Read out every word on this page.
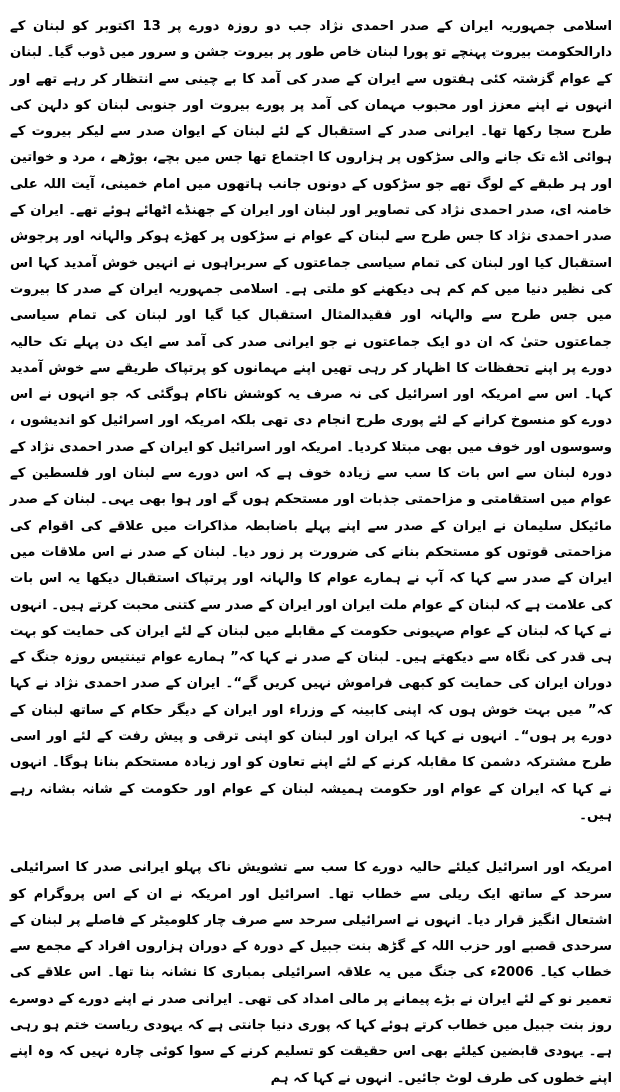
اسلامی جمہوریہ ایران کے صدر احمدی نژاد جب دو روزہ دورے پر 13 اکتوبر کو لبنان کے دارالحکومت بیروت پہنچے تو پورا لبنان خاص طور پر بیروت جشن و سرور میں ڈوب گیا۔ لبنان کے عوام گزشتہ کئی ہفتوں سے ایران کے صدر کی آمد کا بے چینی سے انتظار کر رہے تھے اور انہوں نے اپنے معزز اور محبوب مہمان کی آمد پر پورے بیروت اور جنوبی لبنان کو دلہن کی طرح سجا رکھا تھا۔ ایرانی صدر کے استقبال کے لئے لبنان کے ایوان صدر سے لیکر بیروت کے ہوائی اڈے تک جانے والی سڑکوں پر ہزاروں کا اجتماع تھا جس میں بچے، بوڑھے ، مرد و خواتین اور ہر طبقے کے لوگ تھے جو سڑکوں کے دونوں جانب ہاتھوں میں امام خمینی، آیت اللہ علی خامنہ ای، صدر احمدی نژاد کی تصاویر اور لبنان اور ایران کے جھنڈے اٹھائے ہوئے تھے۔ ایران کے صدر احمدی نژاد کا جس طرح سے لبنان کے عوام نے سڑکوں پر کھڑے ہوکر والہانہ اور پرجوش استقبال کیا اور لبنان کی تمام سیاسی جماعتوں کے سربراہوں نے انہیں خوش آمدید کہا اس کی نظیر دنیا میں کم کم ہی دیکھنے کو ملتی ہے۔ اسلامی جمہوریہ ایران کے صدر کا بیروت میں جس طرح سے والہانہ اور فقیدالمثال استقبال کیا گیا اور لبنان کی تمام سیاسی جماعتوں حتیٰ کہ ان دو ایک جماعتوں نے جو ایرانی صدر کی آمد سے ایک دن پہلے تک حالیہ دورے پر اپنے تحفظات کا اظہار کر رہی تھیں اپنے مہمانوں کو پرتپاک طریقے سے خوش آمدید کہا۔ اس سے امریکہ اور اسرائیل کی نہ صرف یہ کوشش ناکام ہوگئی کہ جو انہوں نے اس دورے کو منسوخ کرانے کے لئے پوری طرح انجام دی تھی بلکہ امریکہ اور اسرائیل کو اندیشوں ، وسوسوں اور خوف میں بھی مبتلا کردیا۔ امریکہ اور اسرائیل کو ایران کے صدر احمدی نژاد کے دورہ لبنان سے اس بات کا سب سے زیادہ خوف ہے کہ اس دورے سے لبنان اور فلسطین کے عوام میں استقامتی و مزاحمتی جذبات اور مستحکم ہوں گے اور ہوا بھی یہی۔ لبنان کے صدر مائیکل سلیمان نے ایران کے صدر سے اپنے پہلے باضابطہ مذاکرات میں علاقے کی اقوام کی مزاحمتی قوتوں کو مستحکم بنانے کی ضرورت پر زور دیا۔ لبنان کے صدر نے اس ملاقات میں ایران کے صدر سے کہا کہ آپ نے ہمارے عوام کا والہانہ اور پرتپاک استقبال دیکھا یہ اس بات کی علامت ہے کہ لبنان کے عوام ملت ایران اور ایران کے صدر سے کتنی محبت کرتے ہیں۔ انہوں نے کہا کہ لبنان کے عوام صہیونی حکومت کے مقابلے میں لبنان کے لئے ایران کی حمایت کو بہت ہی قدر کی نگاہ سے دیکھتے ہیں۔ لبنان کے صدر نے کہا کہ” ہمارے عوام تینتیس روزہ جنگ کے دوران ایران کی حمایت کو کبھی فراموش نہیں کریں گے“۔ ایران کے صدر احمدی نژاد نے کہا کہ” میں بہت خوش ہوں کہ اپنی کابینہ کے وزراء اور ایران کے دیگر حکام کے ساتھ لبنان کے دورے پر ہوں“۔ انہوں نے کہا کہ ایران اور لبنان کو اپنی ترقی و پیش رفت کے لئے اور اسی طرح مشترکہ دشمن کا مقابلہ کرنے کے لئے اپنے تعاون کو اور زیادہ مستحکم بنانا ہوگا۔ انہوں نے کہا کہ ایران کے عوام اور حکومت ہمیشہ لبنان کے عوام اور حکومت کے شانہ بشانہ رہے ہیں۔

امریکہ اور اسرائیل کیلئے حالیہ دورے کا سب سے تشویش ناک پہلو ایرانی صدر کا اسرائیلی سرحد کے ساتھ ایک ریلی سے خطاب تھا۔ اسرائیل اور امریکہ نے ان کے اس پروگرام کو اشتعال انگیز قرار دیا۔ انہوں نے اسرائیلی سرحد سے صرف چار کلومیٹر کے فاصلے پر لبنان کے سرحدی قصبے اور حزب اللہ کے گڑھ بنت جبیل کے دورہ کے دوران ہزاروں افراد کے مجمع سے خطاب کیا۔ 2006ء کی جنگ میں یہ علاقہ اسرائیلی بمباری کا نشانہ بنا تھا۔ اس علاقے کی تعمیر نو کے لئے ایران نے بڑے پیمانے پر مالی امداد کی تھی۔ ایرانی صدر نے اپنے دورے کے دوسرے روز بنت جبیل میں خطاب کرتے ہوئے کہا کہ پوری دنیا جانتی ہے کہ یہودی ریاست ختم ہو رہی ہے۔ یہودی قابضین کیلئے بھی اس حقیقت کو تسلیم کرنے کے سوا کوئی چارہ نہیں کہ وہ اپنے اپنے خطوں کی طرف لوٹ جائیں۔ انہوں نے کہا کہ ہم
